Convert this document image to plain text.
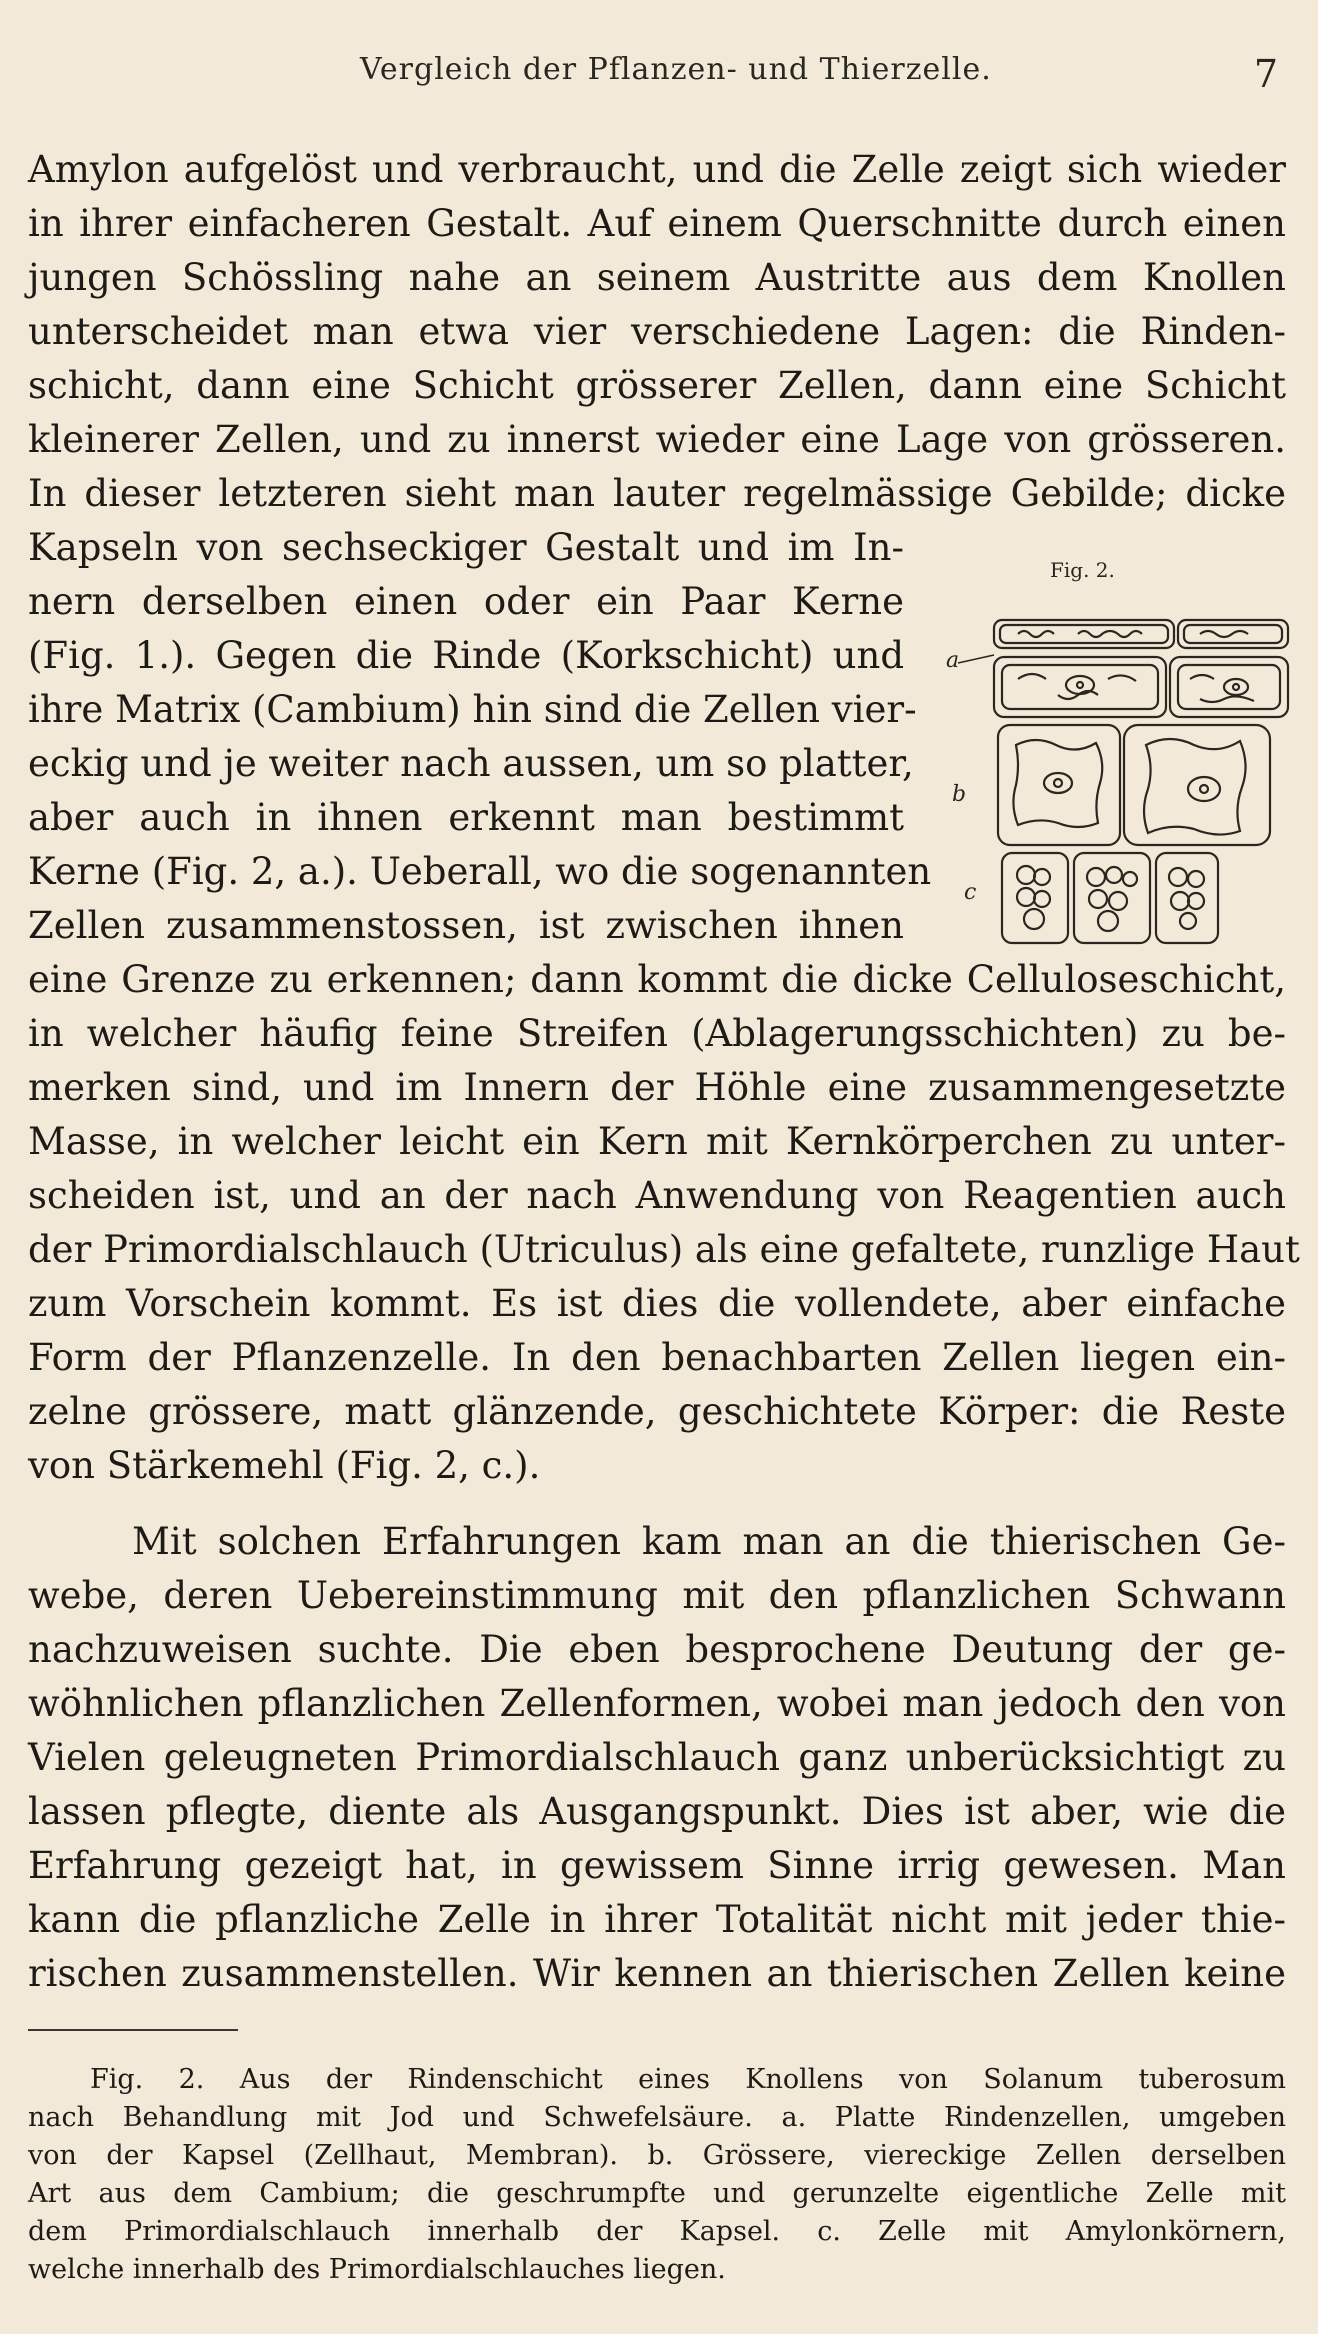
Vergleich der Pflanzen- und Thierzelle.	7
Amylon aufgelöst und verbraucht, und die Zelle zeigt sich wieder
in ihrer einfacheren Gestalt. Auf einem Querschnitte durch einen
jungen Schössling nahe an seinem Austritte aus dem Knollen
unterscheidet man etwa vier verschiedene Lagen: die Rinden-
schicht, dann eine Schicht grösserer Zellen, dann eine Schicht
kleinerer Zellen, und zu innerst wieder eine Lage von grösseren.
In dieser letzteren sieht man lauter regelmässige Gebilde; dicke
Kapseln von sechseckiger Gestalt und im In-
nern derselben einen oder ein Paar Kerne
(Fig. 1.). Gegen die Rinde (Korkschicht) und
ihre Matrix (Cambium) hin sind die Zellen vier-
eckig und je weiter nach aussen, um so platter,
aber auch in ihnen erkennt man bestimmt
Kerne (Fig. 2, a.). Ueberall, wo die sogenannten
Zellen zusammenstossen, ist zwischen ihnen
eine Grenze zu erkennen; dann kommt die dicke Celluloseschicht,
in welcher häufig feine Streifen (Ablagerungsschichten) zu be-
merken sind, und im Innern der Höhle eine zusammengesetzte
Masse, in welcher leicht ein Kern mit Kernkörperchen zu unter-
scheiden ist, und an der nach Anwendung von Reagentien auch
der Primordialschlauch (Utriculus) als eine gefaltete, runzlige Haut
zum Vorschein kommt. Es ist dies die vollendete, aber einfache
Form der Pflanzenzelle. In den benachbarten Zellen liegen ein-
zelne grössere, matt glänzende, geschichtete Körper: die Reste
von Stärkemehl (Fig. 2, c.).
Mit solchen Erfahrungen kam man an die thierischen Ge-
webe, deren Uebereinstimmung mit den pflanzlichen Schwann
nachzuweisen suchte. Die eben besprochene Deutung der ge-
wöhnlichen pflanzlichen Zellenformen, wobei man jedoch den von
Vielen geleugneten Primordialschlauch ganz unberücksichtigt zu
lassen pflegte, diente als Ausgangspunkt. Dies ist aber, wie die
Erfahrung gezeigt hat, in gewissem Sinne irrig gewesen. Man
kann die pflanzliche Zelle in ihrer Totalität nicht mit jeder thie-
rischen zusammenstellen. Wir kennen an thierischen Zellen keine
Fig. 2.
a
b
c
Fig. 2. Aus der Rindenschicht eines Knollens von Solanum tuberosum
nach Behandlung mit Jod und Schwefelsäure. a. Platte Rindenzellen, umgeben
von der Kapsel (Zellhaut, Membran). b. Grössere, viereckige Zellen derselben
Art aus dem Cambium; die geschrumpfte und gerunzelte eigentliche Zelle mit
dem Primordialschlauch innerhalb der Kapsel. c. Zelle mit Amylonkörnern,
welche innerhalb des Primordialschlauches liegen.
